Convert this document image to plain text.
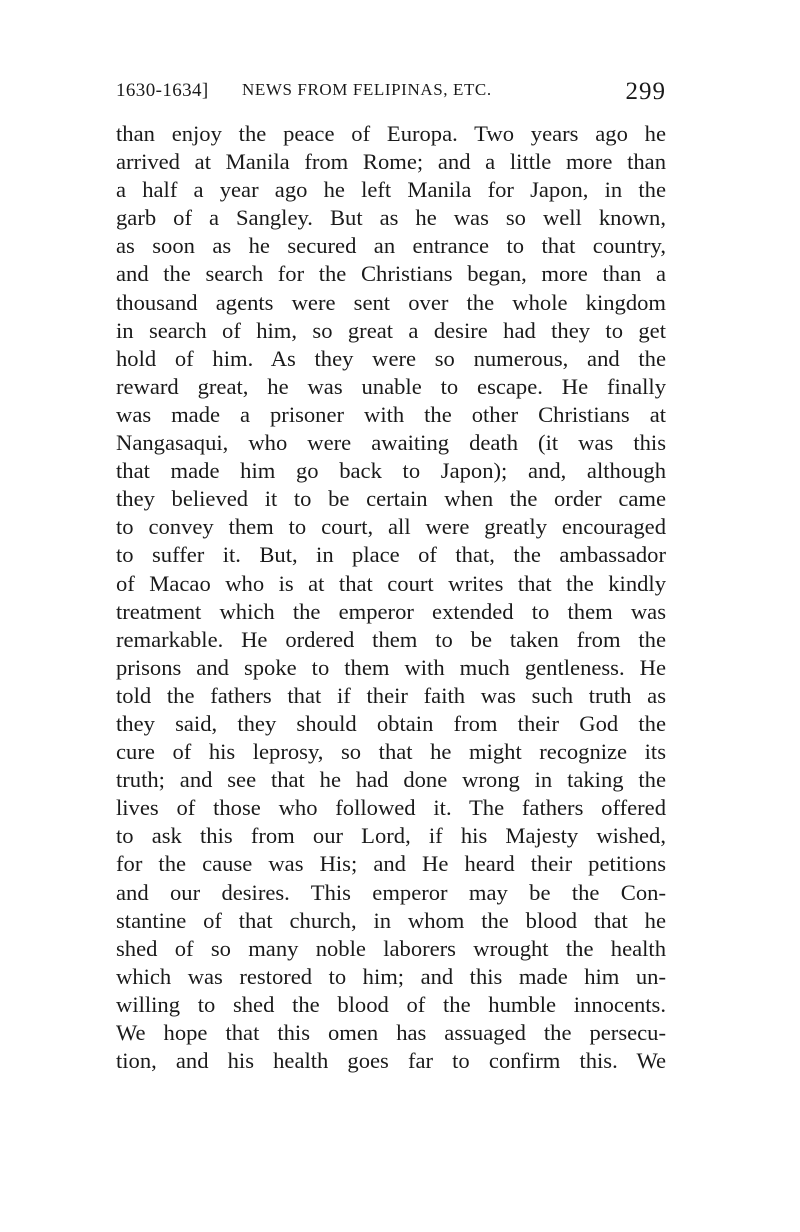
1630-1634] NEWS FROM FELIPINAS, ETC.	299
than enjoy the peace of Europa. Two years ago he
arrived at Manila from Rome; and a little more than
a half a year ago he left Manila for Japon, in the
garb of a Sangley. But as he was so well known,
as soon as he secured an entrance to that country,
and the search for the Christians began, more than a
thousand agents were sent over the whole kingdom
in search of him, so great a desire had they to get
hold of him. As they were so numerous, and the
reward great, he was unable to escape. He finally
was made a prisoner with the other Christians at
Nangasaqui, who were awaiting death (it was this
that made him go back to Japon); and, although
they believed it to be certain when the order came
to convey them to court, all were greatly encouraged
to suffer it. But, in place of that, the ambassador
of Macao who is at that court writes that the kindly
treatment which the emperor extended to them was
remarkable. He ordered them to be taken from the
prisons and spoke to them with much gentleness. He
told the fathers that if their faith was such truth as
they said, they should obtain from their God the
cure of his leprosy, so that he might recognize its
truth; and see that he had done wrong in taking the
lives of those who followed it. The fathers offered
to ask this from our Lord, if his Majesty wished,
for the cause was His; and He heard their petitions
and our desires. This emperor may be the Con-
stantine of that church, in whom the blood that he
shed of so many noble laborers wrought the health
which was restored to him; and this made him un-
willing to shed the blood of the humble innocents.
We hope that this omen has assuaged the persecu-
tion, and his health goes far to confirm this. We
